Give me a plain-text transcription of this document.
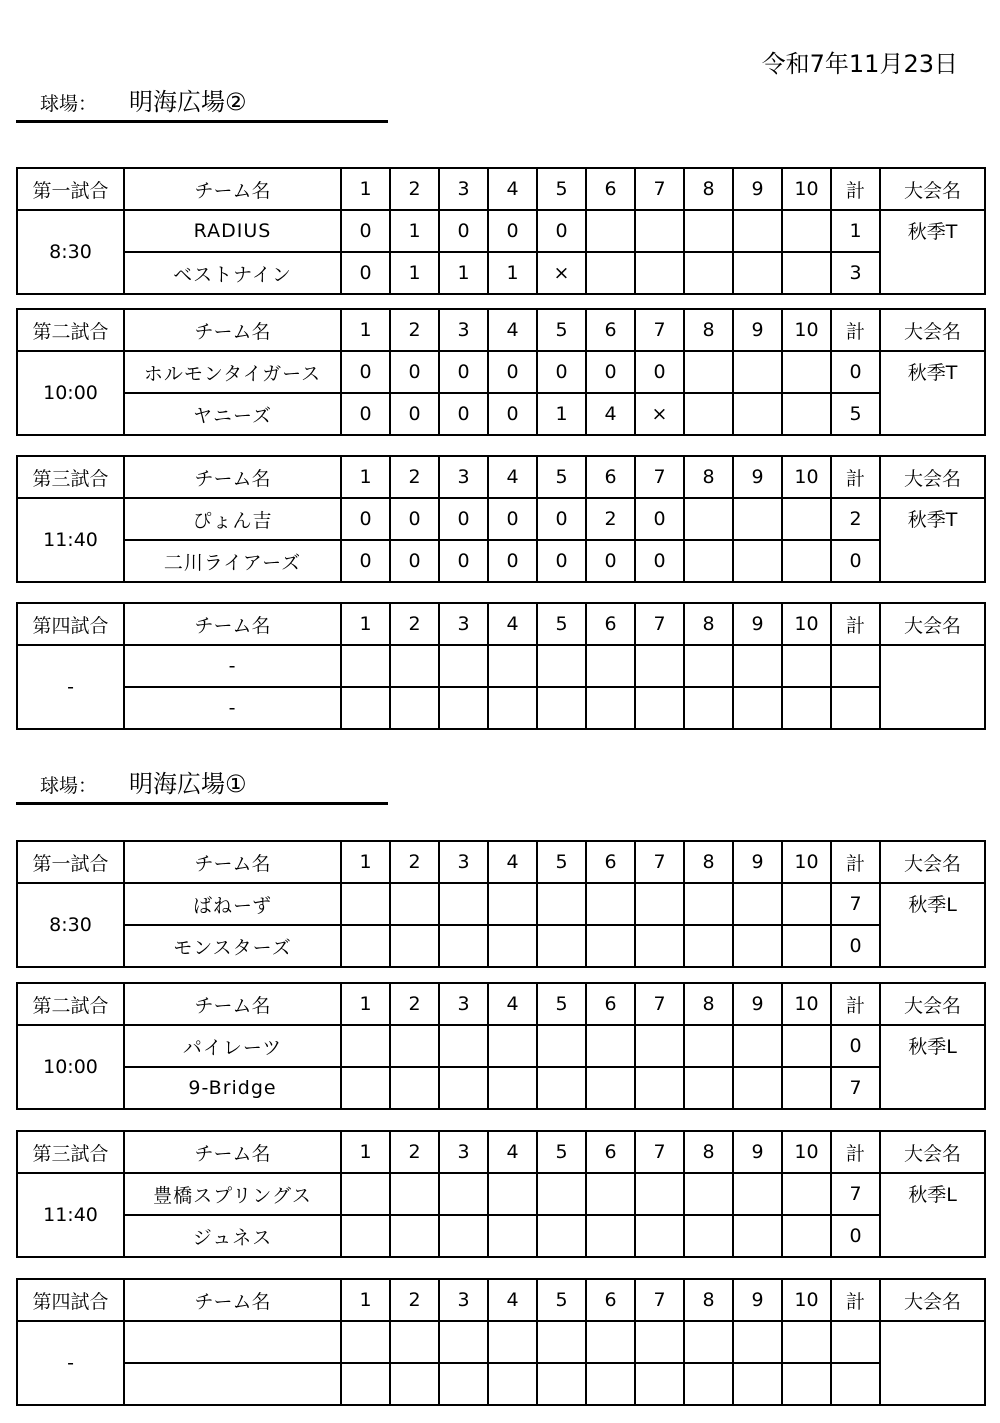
令和7年11月23日
球場： 明海広場②
第一試合	チーム名	1	2	3	4	5	6	7	8	9	10	計	大会名
8:30	RADIUS	0	1	0	0	0						1	秋季T
	ベストナイン	0	1	1	1	×						3	
第二試合	チーム名	1	2	3	4	5	6	7	8	9	10	計	大会名
10:00	ホルモンタイガース	0	0	0	0	0	0	0				0	秋季T
	ヤニーズ	0	0	0	0	1	4	×				5	
第三試合	チーム名	1	2	3	4	5	6	7	8	9	10	計	大会名
11:40	ぴょん吉	0	0	0	0	0	2	0				2	秋季T
	二川ライアーズ	0	0	0	0	0	0	0				0	
第四試合	チーム名	1	2	3	4	5	6	7	8	9	10	計	大会名
-	-												
	-												
球場： 明海広場①
第一試合	チーム名	1	2	3	4	5	6	7	8	9	10	計	大会名
8:30	ばねーず											7	秋季L
	モンスターズ											0	
第二試合	チーム名	1	2	3	4	5	6	7	8	9	10	計	大会名
10:00	パイレーツ											0	秋季L
	9-Bridge											7	
第三試合	チーム名	1	2	3	4	5	6	7	8	9	10	計	大会名
11:40	豊橋スプリングス											7	秋季L
	ジュネス											0	
第四試合	チーム名	1	2	3	4	5	6	7	8	9	10	計	大会名
-													
